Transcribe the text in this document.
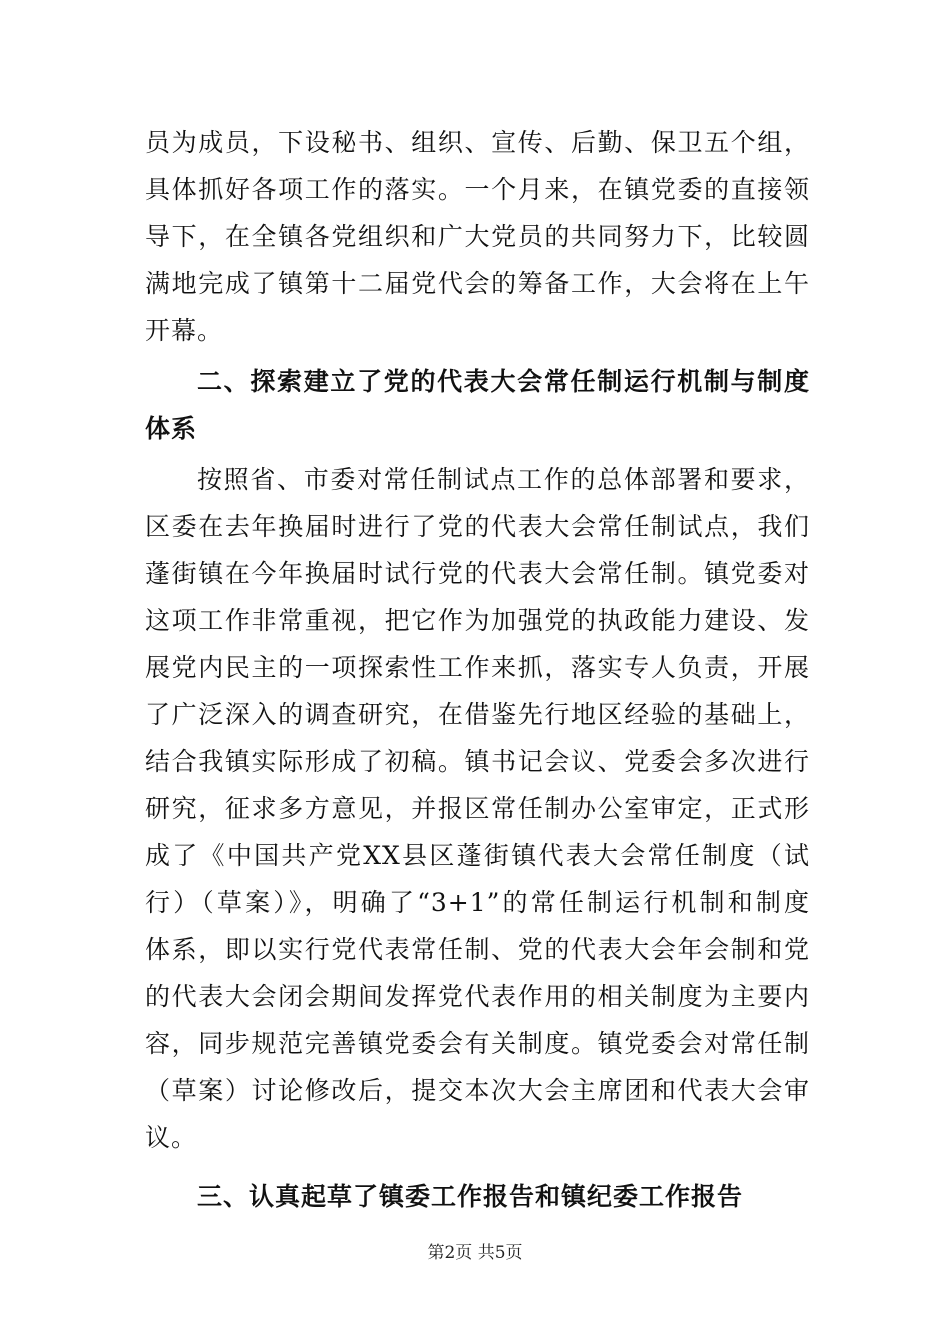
员为成员，下设秘书、组织、宣传、后勤、保卫五个组，
具体抓好各项工作的落实。一个月来，在镇党委的直接领
导下，在全镇各党组织和广大党员的共同努力下，比较圆
满地完成了镇第十二届党代会的筹备工作，大会将在上午
开幕。
二、探索建立了党的代表大会常任制运行机制与制度
体系
按照省、市委对常任制试点工作的总体部署和要求，
区委在去年换届时进行了党的代表大会常任制试点，我们
蓬街镇在今年换届时试行党的代表大会常任制。镇党委对
这项工作非常重视，把它作为加强党的执政能力建设、发
展党内民主的一项探索性工作来抓，落实专人负责，开展
了广泛深入的调查研究，在借鉴先行地区经验的基础上，
结合我镇实际形成了初稿。镇书记会议、党委会多次进行
研究，征求多方意见，并报区常任制办公室审定，正式形
成了《中国共产党XX县区蓬街镇代表大会常任制度（试
行）（草案）》，明确了“3+1”的常任制运行机制和制度
体系，即以实行党代表常任制、党的代表大会年会制和党
的代表大会闭会期间发挥党代表作用的相关制度为主要内
容，同步规范完善镇党委会有关制度。镇党委会对常任制
（草案）讨论修改后，提交本次大会主席团和代表大会审
议。
三、认真起草了镇委工作报告和镇纪委工作报告
第2页 共5页
